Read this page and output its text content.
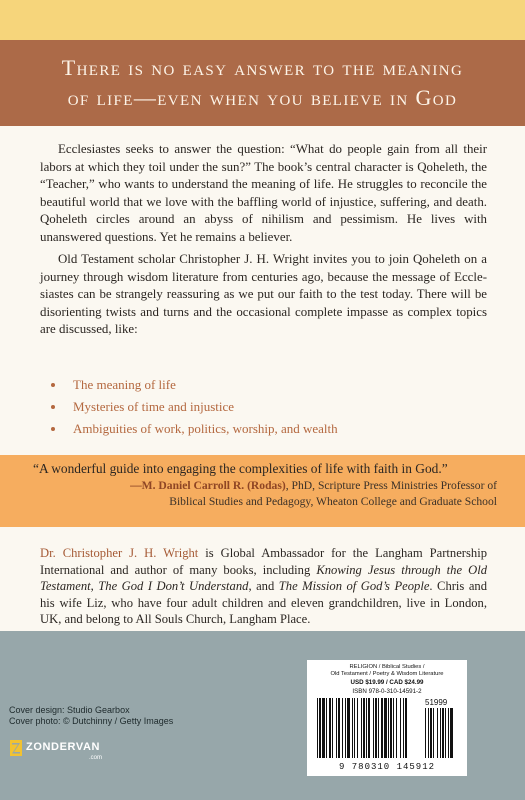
There is no easy answer to the meaning
of life—even when you believe in God

Ecclesiastes seeks to answer the question: “What do people gain from all their labors at which they toil under the sun?” The book’s central character is Qoheleth, the “Teacher,” who wants to understand the meaning of life. He struggles to reconcile the beautiful world that we love with the baffling world of injustice, suffering, and death. Qoheleth circles around an abyss of nihilism and pessimism. He lives with unanswered questions. Yet he remains a believer.

Old Testament scholar Christopher J. H. Wright invites you to join Qoheleth on a journey through wisdom literature from centuries ago, because the message of Ecclesiastes can be strangely reassuring as we put our faith to the test today. There will be disorienting twists and turns and the occasional complete impasse as complex topics are discussed, like:

The meaning of life
Mysteries of time and injustice
Ambiguities of work, politics, worship, and wealth
“A wonderful guide into engaging the complexities of life with faith in God.”
—M. Daniel Carroll R. (Rodas), PhD, Scripture Press Ministries Professor of
Biblical Studies and Pedagogy, Wheaton College and Graduate School

Dr. Christopher J. H. Wright is Global Ambassador for the Langham Partnership International and author of many books, including Knowing Jesus through the Old Testament, The God I Don’t Understand, and The Mission of God’s People. Chris and his wife Liz, who have four adult children and eleven grandchildren, live in London, UK, and belong to All Souls Church, Langham Place.

RELIGION / Biblical Studies /
Old Testament / Poetry & Wisdom Literature
USD $19.99 / CAD $24.99
ISBN 978-0-310-14591-2
51999
9 780310 145912
Cover design: Studio Gearbox
Cover photo: © Dutchinny / Getty Images
ZONDERVAN
.com
